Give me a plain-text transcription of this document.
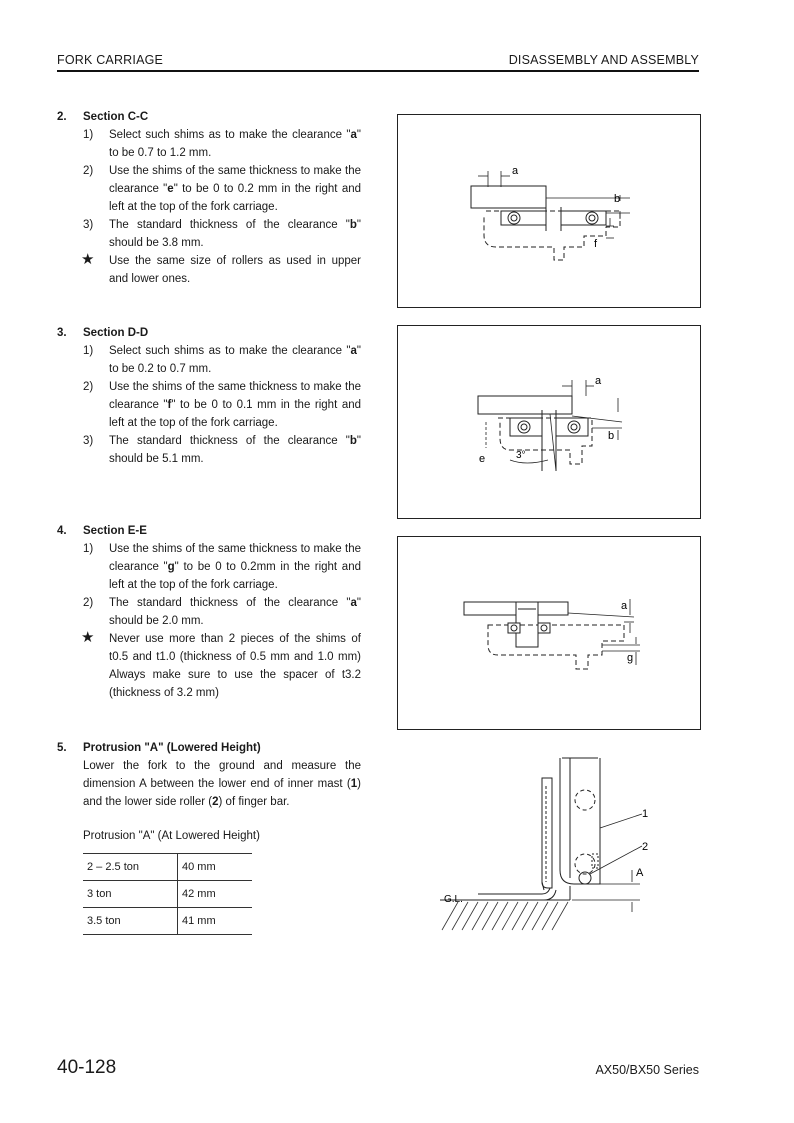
FORK CARRIAGE	DISASSEMBLY AND ASSEMBLY
2. Section C-C
1) Select such shims as to make the clearance "a" to be 0.7 to 1.2 mm.
2) Use the shims of the same thickness to make the clearance "e" to be 0 to 0.2 mm in the right and left at the top of the fork carriage.
3) The standard thickness of the clearance "b" should be 3.8 mm.
★ Use the same size of rollers as used in upper and lower ones.
a
b
f
3. Section D-D
1) Select such shims as to make the clearance "a" to be 0.2 to 0.7 mm.
2) Use the shims of the same thickness to make the clearance "f" to be 0 to 0.1 mm in the right and left at the top of the fork carriage.
3) The standard thickness of the clearance "b" should be 5.1 mm.
a
b
e	3°
4. Section E-E
1) Use the shims of the same thickness to make the clearance "g" to be 0 to 0.2mm in the right and left at the top of the fork carriage.
2) The standard thickness of the clearance "a" should be 2.0 mm.
★ Never use more than 2 pieces of the shims of t0.5 and t1.0 (thickness of 0.5 mm and 1.0 mm) Always make sure to use the spacer of t3.2 (thickness of 3.2 mm)
a
g
5. Protrusion "A" (Lowered Height)
Lower the fork to the ground and measure the dimension A between the lower end of inner mast (1) and the lower side roller (2) of finger bar.
Protrusion "A" (At Lowered Height)
2 – 2.5 ton	40 mm
3 ton	42 mm
3.5 ton	41 mm
1
2
A
G.L.
40-128	AX50/BX50 Series
